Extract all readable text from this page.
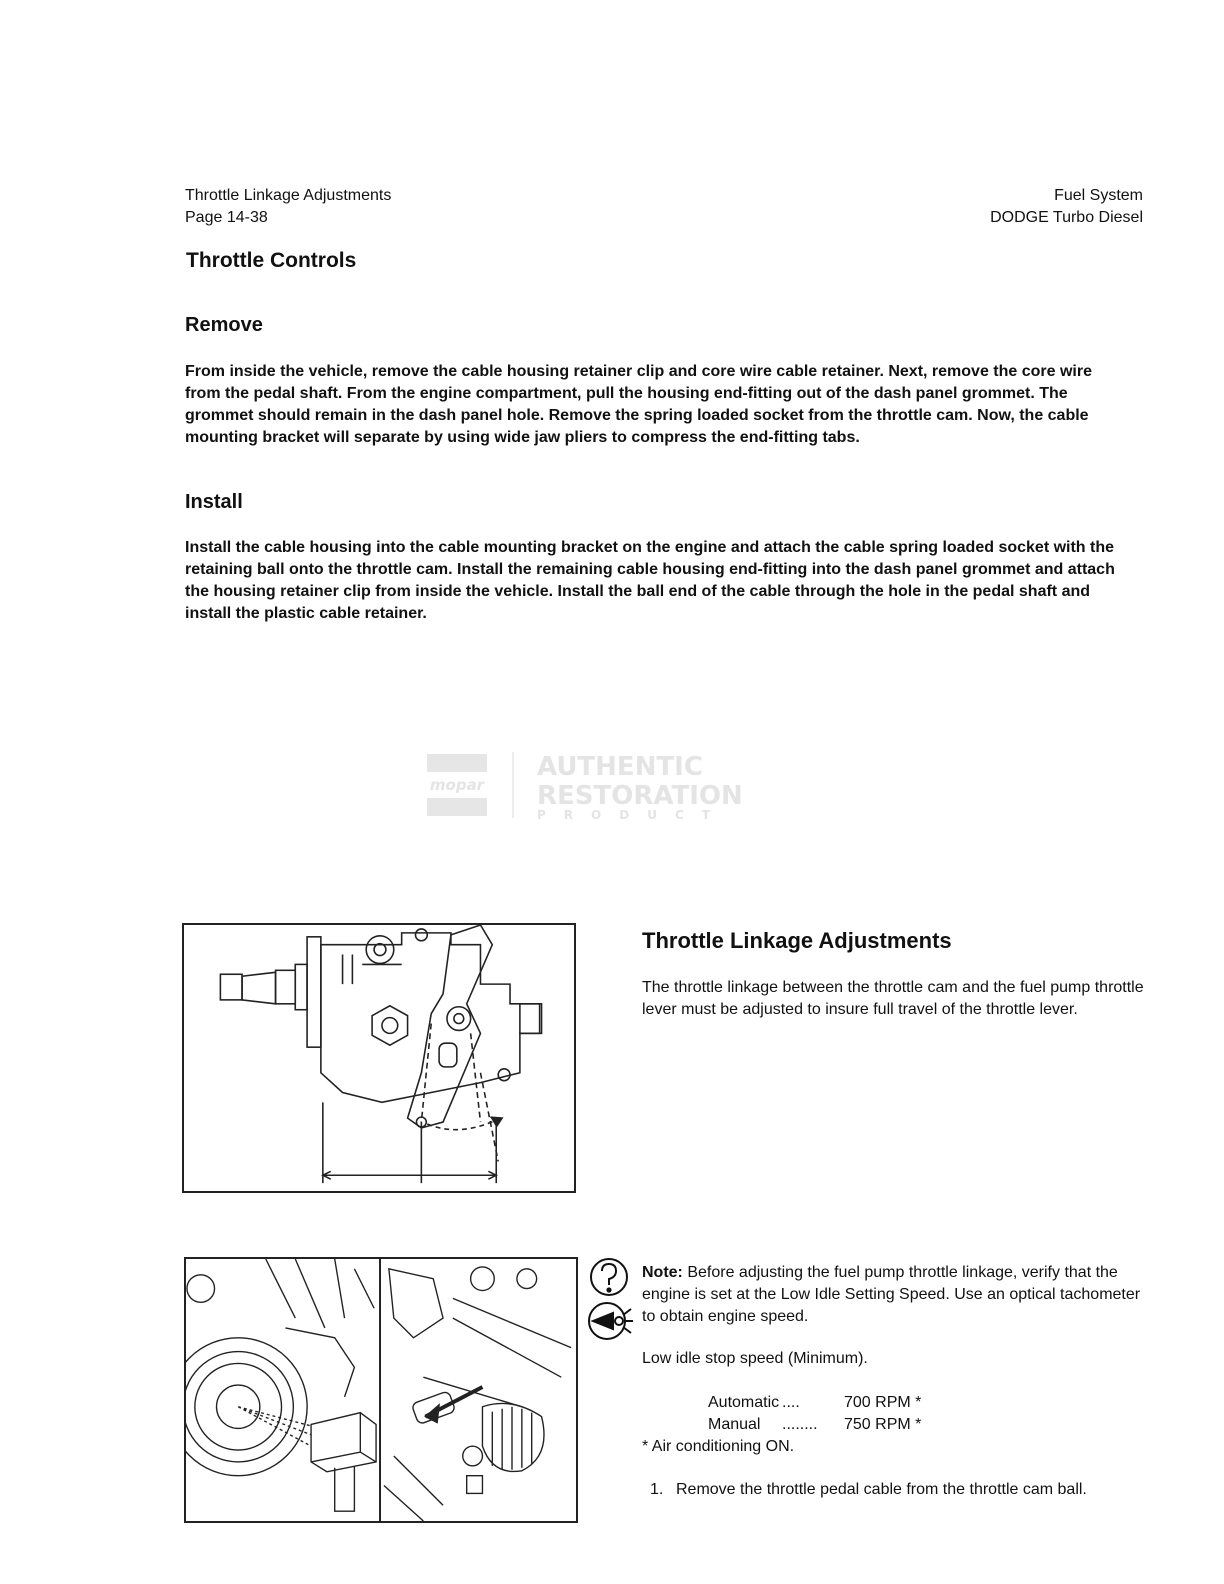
Throttle Linkage Adjustments
Page 14-38
Fuel System
DODGE Turbo Diesel
Throttle Controls
Remove

From inside the vehicle, remove the cable housing retainer clip and core wire cable retainer. Next, remove the core wire from the pedal shaft. From the engine compartment, pull the housing end-fitting out of the dash panel grommet. The grommet should remain in the dash panel hole. Remove the spring loaded socket from the throttle cam. Now, the cable mounting bracket will separate by using wide jaw pliers to compress the end-fitting tabs.

Install

Install the cable housing into the cable mounting bracket on the engine and attach the cable spring loaded socket with the retaining ball onto the throttle cam. Install the remaining cable housing end-fitting into the dash panel grommet and attach the housing retainer clip from inside the vehicle. Install the ball end of the cable through the hole in the pedal shaft and install the plastic cable retainer.

mopar
AUTHENTIC
RESTORATION
PRODUCT
Throttle Linkage Adjustments

The throttle linkage between the throttle cam and the fuel pump throttle lever must be adjusted to insure full travel of the throttle lever.

Note: Before adjusting the fuel pump throttle linkage, verify that the engine is set at the Low Idle Setting Speed. Use an optical tachometer to obtain engine speed.

Low idle stop speed (Minimum).
Automatic ....	700 RPM *
Manual ........ 750 RPM *
* Air conditioning ON.
1. Remove the throttle pedal cable from the throttle cam ball.
